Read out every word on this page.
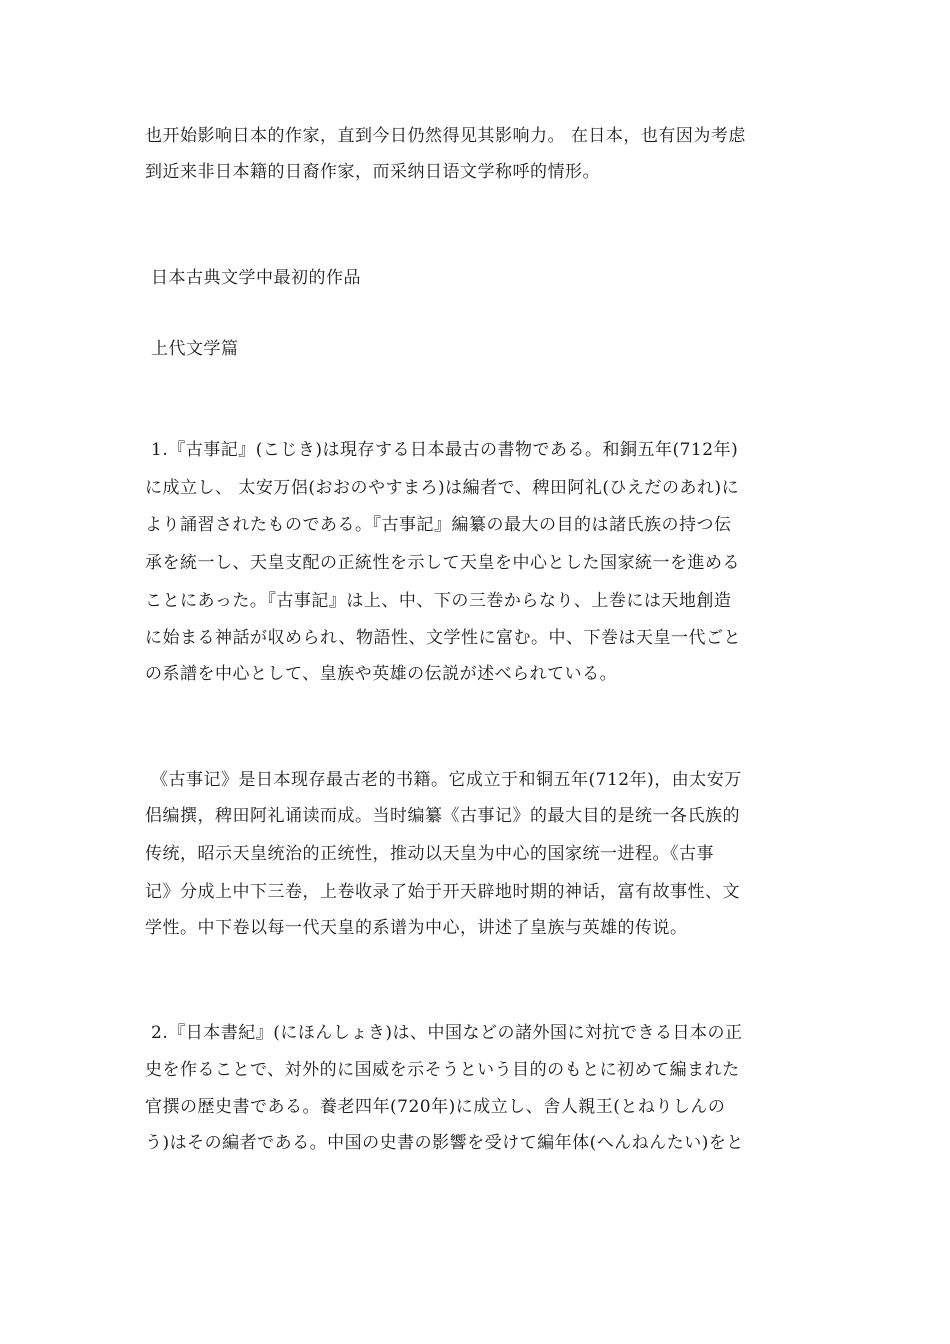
也开始影响日本的作家，直到今日仍然得见其影响力。 在日本，也有因为考虑
到近来非日本籍的日裔作家，而采纳日语文学称呼的情形。
日本古典文学中最初的作品
上代文学篇
1.『古事記』(こじき)は現存する日本最古の書物である。和銅五年(712年)
に成立し、 太安万侶(おおのやすまろ)は編者で、稗田阿礼(ひえだのあれ)に
より誦習されたものである。『古事記』編纂の最大の目的は諸氏族の持つ伝
承を統一し、天皇支配の正統性を示して天皇を中心とした国家統一を進める
ことにあった。『古事記』は上、中、下の三巻からなり、上巻には天地創造
に始まる神話が収められ、物語性、文学性に富む。中、下巻は天皇一代ごと
の系譜を中心として、皇族や英雄の伝説が述べられている。
《古事记》是日本现存最古老的书籍。它成立于和铜五年(712年)，由太安万
侣编撰，稗田阿礼诵读而成。当时编纂《古事记》的最大目的是统一各氏族的
传统，昭示天皇统治的正统性，推动以天皇为中心的国家统一进程。《古事
记》分成上中下三卷，上卷收录了始于开天辟地时期的神话，富有故事性、文
学性。中下卷以每一代天皇的系谱为中心，讲述了皇族与英雄的传说。
2.『日本書紀』(にほんしょき)は、中国などの諸外国に対抗できる日本の正
史を作ることで、対外的に国威を示そうという目的のもとに初めて編まれた
官撰の歴史書である。養老四年(720年)に成立し、舎人親王(とねりしんの
う)はその編者である。中国の史書の影響を受けて編年体(へんねんたい)をと
